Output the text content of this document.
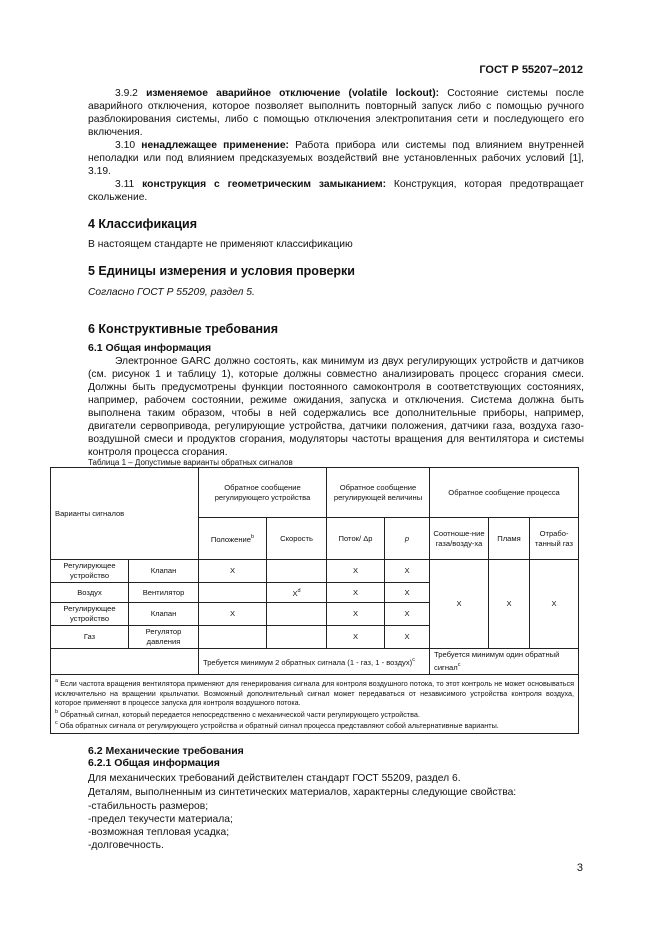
ГОСТ Р 55207–2012
3.9.2 изменяемое аварийное отключение (volatile lockout): Состояние системы после аварийного отключения, которое позволяет выполнить повторный запуск либо с помощью ручного разблокирования системы, либо с помощью отключения электропитания сети и последующего его включения.
3.10 ненадлежащее применение: Работа прибора или системы под влиянием внутренней неполадки или под влиянием предсказуемых воздействий вне установленных рабочих условий [1], 3.19.
3.11 конструкция с геометрическим замыканием: Конструкция, которая предотвращает скольжение.
4 Классификация
В настоящем стандарте не применяют классификацию
5 Единицы измерения и условия проверки
Согласно ГОСТ Р 55209, раздел 5.
6 Конструктивные требования
6.1 Общая информация
Электронное GARC должно состоять, как минимум из двух регулирующих устройств и датчиков (см. рисунок 1 и таблицу 1), которые должны совместно анализировать процесс сгорания смеси. Должны быть предусмотрены функции постоянного самоконтроля в соответствующих состояниях, например, рабочем состоянии, режиме ожидания, запуска и отключения. Система должна быть выполнена таким образом, чтобы в ней содержались все дополнительные приборы, например, двигатели сервопривода, регулирующие устройства, датчики положения, датчики газа, воздуха газо-воздушной смеси и продуктов сгорания, модуляторы частоты вращения для вентилятора и системы контроля процесса сгорания.
Таблица 1 – Допустимые варианты обратных сигналов
Варианты сигналов		Обратное сообщение регулирующего устройства		Обратное сообщение регулирующей величины		Обратное сообщение процесса		
		Положение$^b$	Скорость	Поток/ Δp	p	Соотноше-ние газа/возду-ха	Пламя	Отрабо-танный газ
Регулирующее устройство	Клапан	X		X	X	X	X	X
Воздух	Вентилятор		$X^d$	X	X			
Регулирующее устройство	Клапан	X		X	X			
Газ	Регулятор давления			X	X			
		Требуется минимум 2 обратных сигнала (1 - газ, 1 - воздух)$^c$				Требуется минимум один обратный сигнал$^c$

$^a$ Если частота вращения вентилятора применяют для генерирования сигнала для контроля воздушного потока, то этот контроль не может основываться исключительно на вращении крыльчатки. Возможный дополнительный сигнал может передаваться от независимого устройства контроля воздуха, которое применяют в процессе запуска для контроля воздушного потока.
$^b$ Обратный сигнал, который передается непосредственно с механической части регулирующего устройства.
$^c$ Оба обратных сигнала от регулирующего устройства и обратный сигнал процесса представляют собой альтернативные варианты.								
6.2 Механические требования
6.2.1 Общая информация
Для механических требований действителен стандарт ГОСТ 55209, раздел 6.
Деталям, выполненным из синтетических материалов, характерны следующие свойства:
-стабильность размеров;
-предел текучести материала;
-возможная тепловая усадка;
-долговечность.
3
